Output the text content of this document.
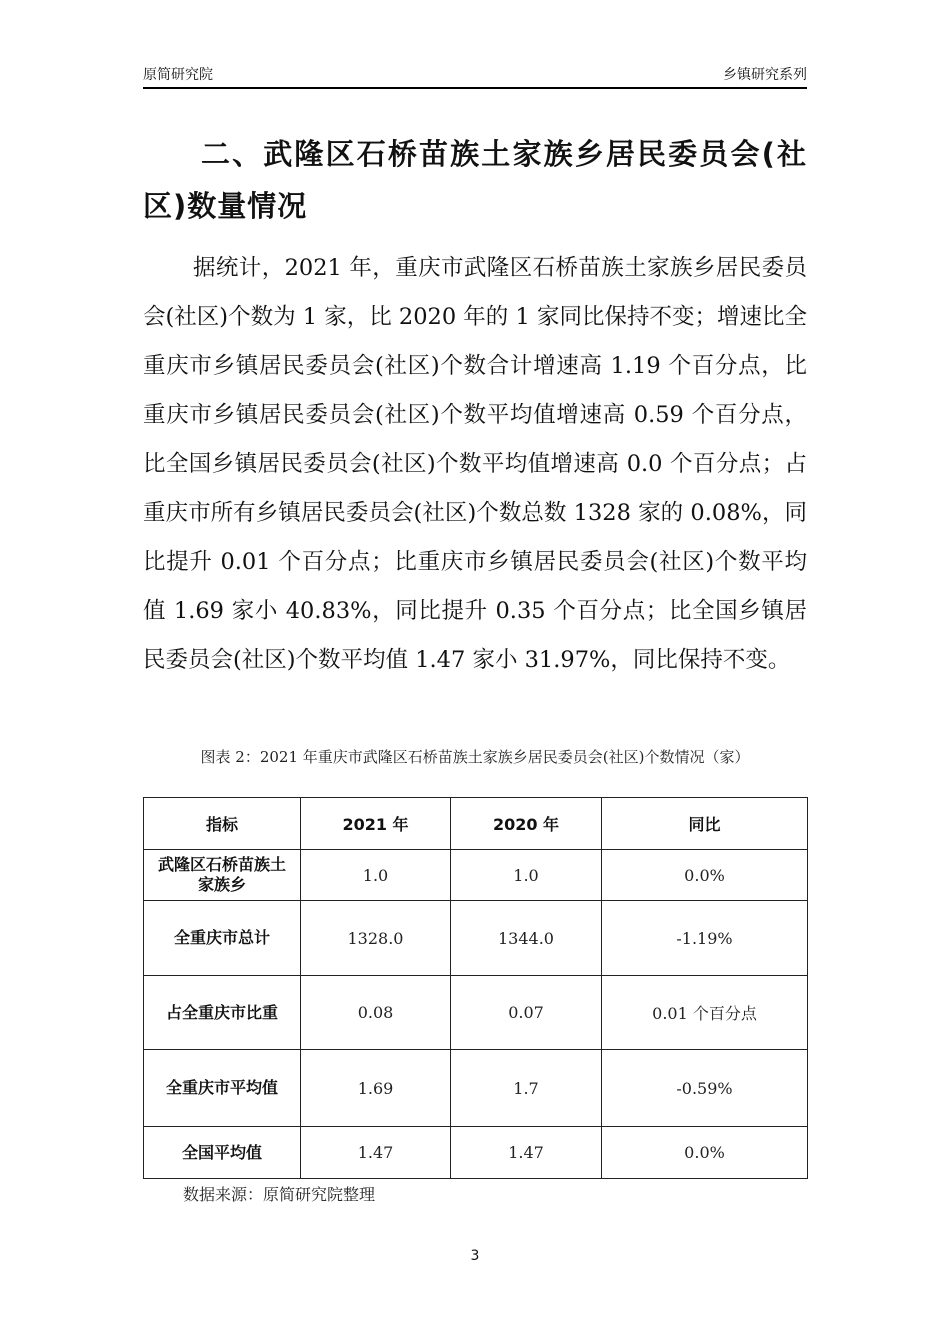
原简研究院	乡镇研究系列
二、武隆区石桥苗族土家族乡居民委员会(社区)数量情况
据统计，2021 年，重庆市武隆区石桥苗族土家族乡居民委员会(社区)个数为 1 家，比 2020 年的 1 家同比保持不变；增速比全重庆市乡镇居民委员会(社区)个数合计增速高 1.19 个百分点，比重庆市乡镇居民委员会(社区)个数平均值增速高 0.59 个百分点，比全国乡镇居民委员会(社区)个数平均值增速高 0.0 个百分点；占重庆市所有乡镇居民委员会(社区)个数总数 1328 家的 0.08%，同比提升 0.01 个百分点；比重庆市乡镇居民委员会(社区)个数平均值 1.69 家小 40.83%，同比提升 0.35 个百分点；比全国乡镇居民委员会(社区)个数平均值 1.47 家小 31.97%，同比保持不变。
图表 2：2021 年重庆市武隆区石桥苗族土家族乡居民委员会(社区)个数情况（家）
指标	2021 年	2020 年	同比

武隆区石桥苗族土家族乡	1.0	1.0	0.0%
全重庆市总计	1328.0	1344.0	-1.19%
占全重庆市比重	0.08	0.07	0.01 个百分点
全重庆市平均值	1.69	1.7	-0.59%
全国平均值	1.47	1.47	0.0%
数据来源：原简研究院整理
3
